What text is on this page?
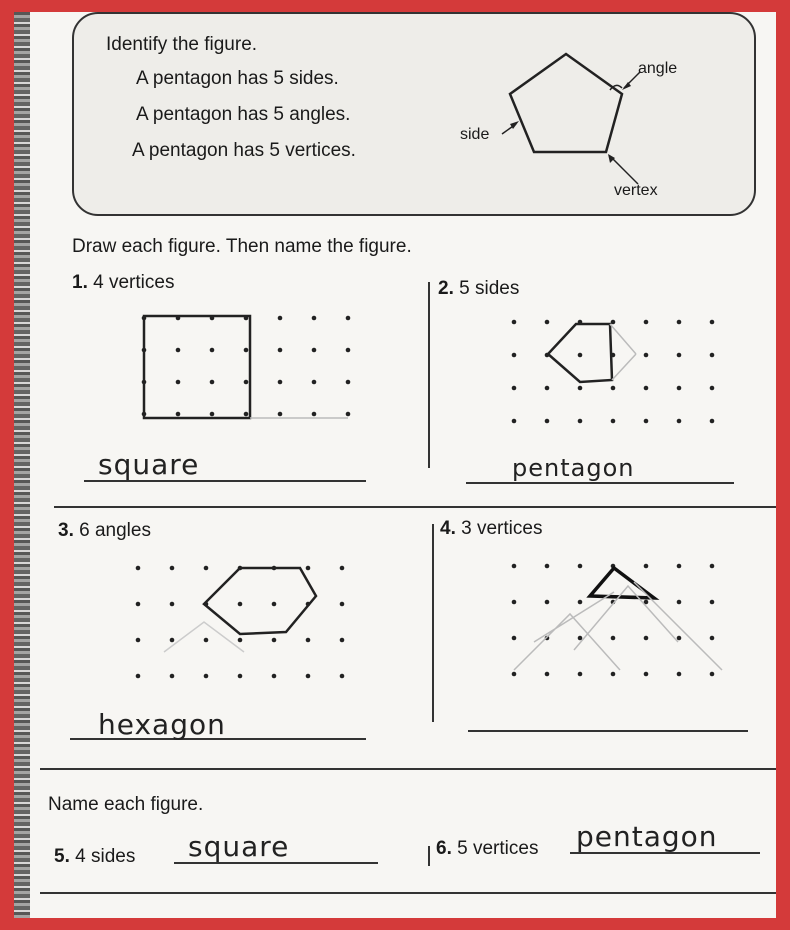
Identify the figure.
A pentagon has 5 sides.
A pentagon has 5 angles.
A pentagon has 5 vertices.
angle
side
vertex
Draw each figure. Then name the figure.
1. 4 vertices	2. 5 sides
3. 6 angles	4. 3 vertices
square	pentagon
hexagon
Name each figure.
5. 4 sides square	6. 5 vertices pentagon
